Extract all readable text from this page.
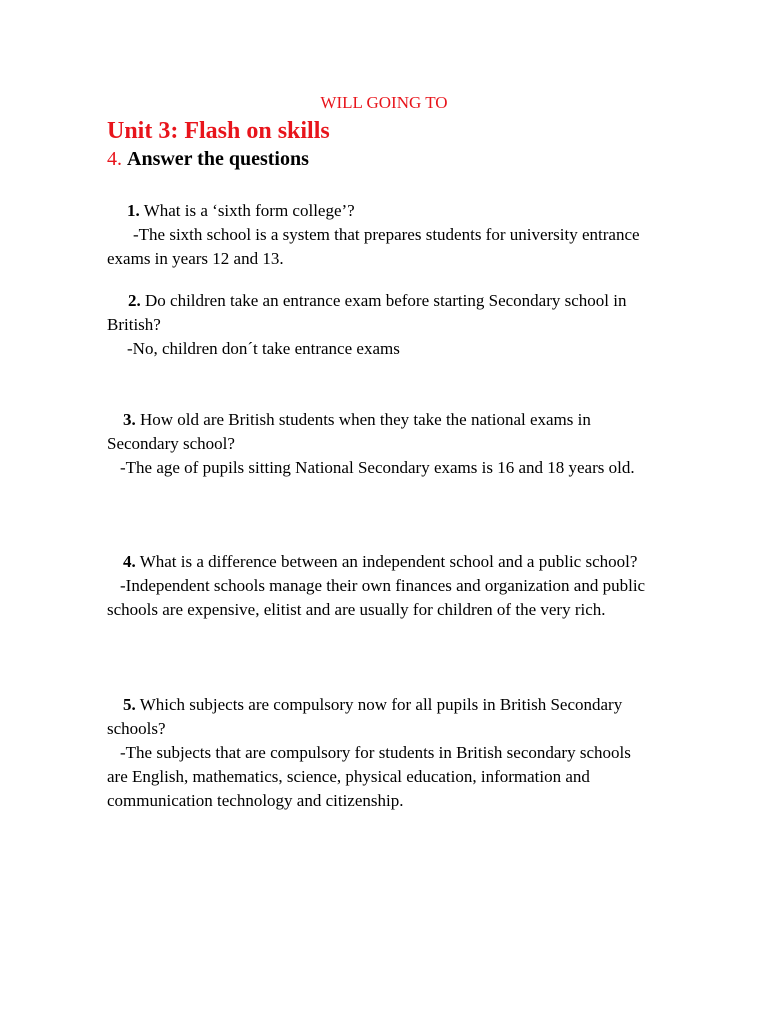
WILL GOING TO
Unit 3: Flash on skills
4. Answer the questions

1. What is a ‘sixth form college’?

-The sixth school is a system that prepares students for university entrance exams in years 12 and 13.

2. Do children take an entrance exam before starting Secondary school in British?

-No, children don´t take entrance exams

3. How old are British students when they take the national exams in Secondary school?

-The age of pupils sitting National Secondary exams is 16 and 18 years old.

4. What is a difference between an independent school and a public school?

-Independent schools manage their own finances and organization and public schools are expensive, elitist and are usually for children of the very rich.

5. Which subjects are compulsory now for all pupils in British Secondary schools?

-The subjects that are compulsory for students in British secondary schools are English, mathematics, science, physical education, information and communication technology and citizenship.
